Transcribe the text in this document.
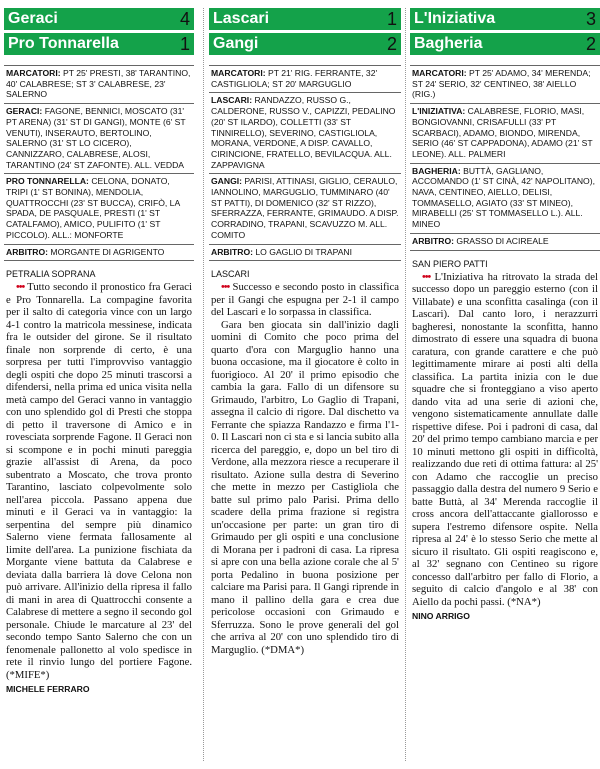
Geraci	4
Pro Tonnarella	1
MARCATORI: PT 25' PRESTI, 38' TARANTINO, 40' CALABRESE; ST 3' CALABRESE, 23' SALERNO
GERACI: FAGONE, BENNICI, MOSCATO (31' PT ARENA) (31' ST DI GANGI), MONTE (6' ST VENUTI), INSERAUTO, BERTOLINO, SALERNO (31' ST LO CICERO), CANNIZZARO, CALABRESE, ALOSI, TARANTINO (24' ST ZAFONTE). ALL. VEDDA
PRO TONNARELLA: CELONA, DONATO, TRIPI (1' ST BONINA), MENDOLIA, QUATTROCCHI (23' ST BUCCA), CRIFÒ, LA SPADA, DE PASQUALE, PRESTI (1' ST CATALFAMO), AMICO, PULIFITO (1' ST PICCOLO). ALL.: MONFORTE
ARBITRO: MORGANTE DI AGRIGENTO
PETRALIA SOPRANA

••• Tutto secondo il pronostico fra Geraci e Pro Tonnarella. La compagine favorita per il salto di categoria vince con un largo 4-1 contro la matricola messinese, indicata fra le outsider del girone. Se il risultato finale non sorprende di certo, è una sorpresa per tutti l'improvviso vantaggio degli ospiti che dopo 25 minuti trascorsi a difendersi, nella prima ed unica visita nella metà campo del Geraci vanno in vantaggio con uno splendido gol di Presti che stoppa di petto il traversone di Amico e in rovesciata sorprende Fagone. Il Geraci non si scompone e in pochi minuti pareggia grazie all'assist di Arena, da poco subentrato a Moscato, che trova pronto Tarantino, lasciato colpevolmente solo nell'area piccola. Passano appena due minuti e il Geraci va in vantaggio: la serpentina del sempre più dinamico Salerno viene fermata fallosamente al limite dell'area. La punizione fischiata da Morgante viene battuta da Calabrese e deviata dalla barriera là dove Celona non può arrivare. All'inizio della ripresa il fallo di mani in area di Quattrocchi consente a Calabrese di mettere a segno il secondo gol personale. Chiude le marcature al 23' del secondo tempo Santo Salerno che con un fenomenale pallonetto al volo spedisce in rete il rinvio lungo del portiere Fagone. (*MIFE*)

MICHELE FERRARO
Lascari	1
Gangi	2
MARCATORI: PT 21' RIG. FERRANTE, 32' CASTIGLIOLA; ST 20' MARGUGLIO
LASCARI: RANDAZZO, RUSSO G., CALDERONE, RUSSO V., CAPIZZI, PEDALINO (20' ST ILARDO), COLLETTI (33' ST TINNIRELLO), SEVERINO, CASTIGLIOLA, MORANA, VERDONE, A DISP. CAVALLO, CIRINCIONE, FRATELLO, BEVILACQUA. ALL. ZAPPAVIGNA
GANGI: PARISI, ATTINASI, GIGLIO, CERAULO, IANNOLINO, MARGUGLIO, TUMMINARO (40' ST PATTI), DI DOMENICO (32' ST RIZZO), SFERRAZZA, FERRANTE, GRIMAUDO. A DISP. CORRADINO, TRAPANI, SCAVUZZO M. ALL. COMITO
ARBITRO: LO GAGLIO DI TRAPANI
LASCARI

••• Successo e secondo posto in classifica per il Gangi che espugna per 2-1 il campo del Lascari e lo sorpassa in classifica.

Gara ben giocata sin dall'inizio dagli uomini di Comito che poco prima del quarto d'ora con Marguglio hanno una buona occasione, ma il giocatore è colto in fuorigioco. Al 20' il primo episodio che cambia la gara. Fallo di un difensore su Grimaudo, l'arbitro, Lo Gaglio di Trapani, assegna il calcio di rigore. Dal dischetto va Ferrante che spiazza Randazzo e firma l'1-0. Il Lascari non ci sta e si lancia subito alla ricerca del pareggio, e, dopo un bel tiro di Verdone, alla mezzora riesce a recuperare il risultato. Azione sulla destra di Severino che mette in mezzo per Castigliola che batte sul primo palo Parisi. Prima dello scadere della prima frazione si registra un'occasione per parte: un gran tiro di Grimaudo per gli ospiti e una conclusione di Morana per i padroni di casa. La ripresa si apre con una bella azione corale che al 5' porta Pedalino in buona posizione per calciare ma Parisi para. Il Gangi riprende in mano il pallino della gara e crea due pericolose occasioni con Grimaudo e Sferruzza. Sono le prove generali del gol che arriva al 20' con uno splendido tiro di Marguglio. (*DMA*)

L'Iniziativa	3
Bagheria	2
MARCATORI: PT 25' ADAMO, 34' MERENDA; ST 24' SERIO, 32' CENTINEO, 38' AIELLO (RIG.)
L'INIZIATIVA: CALABRESE, FLORIO, MASI, BONGIOVANNI, CRISAFULLI (33' PT SCARBACI), ADAMO, BIONDO, MIRENDA, SERIO (46' ST CAPPADONA), ADAMO (21' ST LEONE). ALL. PALMERI
BAGHERIA: BUTTÀ, GAGLIANO, ACCOMANDO (1' ST CINÀ, 42' NAPOLITANO), NAVA, CENTINEO, AIELLO, DELISI, TOMMASELLO, AGIATO (33' ST MINEO), MIRABELLI (25' ST TOMMASELLO L.). ALL. MINEO
ARBITRO: GRASSO DI ACIREALE
SAN PIERO PATTI

••• L'Iniziativa ha ritrovato la strada del successo dopo un pareggio esterno (con il Villabate) e una sconfitta casalinga (con il Lascari). Dal canto loro, i nerazzurri bagheresi, nonostante la sconfitta, hanno dimostrato di essere una squadra di buona caratura, con grande carattere e che può legittimamente mirare ai posti alti della classifica. La partita inizia con le due squadre che si fronteggiano a viso aperto dando vita ad una serie di azioni che, vengono sistematicamente annullate dalle rispettive difese. Poi i padroni di casa, dal 20' del primo tempo cambiano marcia e per 10 minuti mettono gli ospiti in difficoltà, realizzando due reti di ottima fattura: al 25' con Adamo che raccoglie un preciso passaggio dalla destra del numero 9 Serio e batte Buttà, al 34' Merenda raccoglie il cross ancora dell'attaccante giallorosso e supera l'estremo difensore ospite. Nella ripresa al 24' è lo stesso Serio che mette al sicuro il risultato. Gli ospiti reagiscono e, al 32' segnano con Centineo su rigore concesso dall'arbitro per fallo di Florio, a seguito di calcio d'angolo e al 38' con Aiello da pochi passi. (*NA*)

NINO ARRIGO
